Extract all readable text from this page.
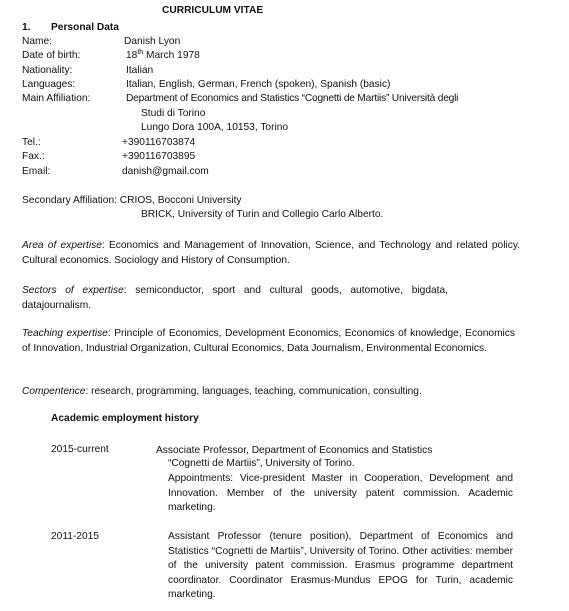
CURRICULUM VITAE
1. Personal Data
Name:	Danish Lyon
Date of birth:	18th March 1978
Nationality:	Italian
Languages:	Italian, English, German, French (spoken), Spanish (basic)
Main Affiliation:	Department of Economics and Statistics “Cognetti de Martiis” Università degli
Studi di Torino
Lungo Dora 100A, 10153, Torino
Tel.:	+390116703874
Fax.:	+390116703895
Email:	danish@gmail.com
Secondary Affiliation: CRIOS, Bocconi University
BRICK, University of Turin and Collegio Carlo Alberto.
Area of expertise: Economics and Management of Innovation, Science, and Technology and related policy. Cultural economics. Sociology and History of Consumption.
Sectors of expertise: semiconductor, sport and cultural goods, automotive, bigdata, datajournalism.
Teaching expertise: Principle of Economics, Development Economics, Economics of knowledge, Economics of Innovation, Industrial Organization, Cultural Economics, Data Journalism, Environmental Economics.
Compentence: research, programming, languages, teaching, communication, consulting.
Academic employment history
2015-current	Associate Professor, Department of Economics and Statistics
“Cognetti de Martiis”, University of Torino.
Appointments: Vice-president Master in Cooperation, Development and Innovation. Member of the university patent commission. Academic marketing.
2011-2015	Assistant Professor (tenure position), Department of Economics and Statistics “Cognetti de Martiis”, University of Torino. Other activities: member of the university patent commission. Erasmus programme department coordinator. Coordinator Erasmus-Mundus EPOG for Turin, academic marketing.
